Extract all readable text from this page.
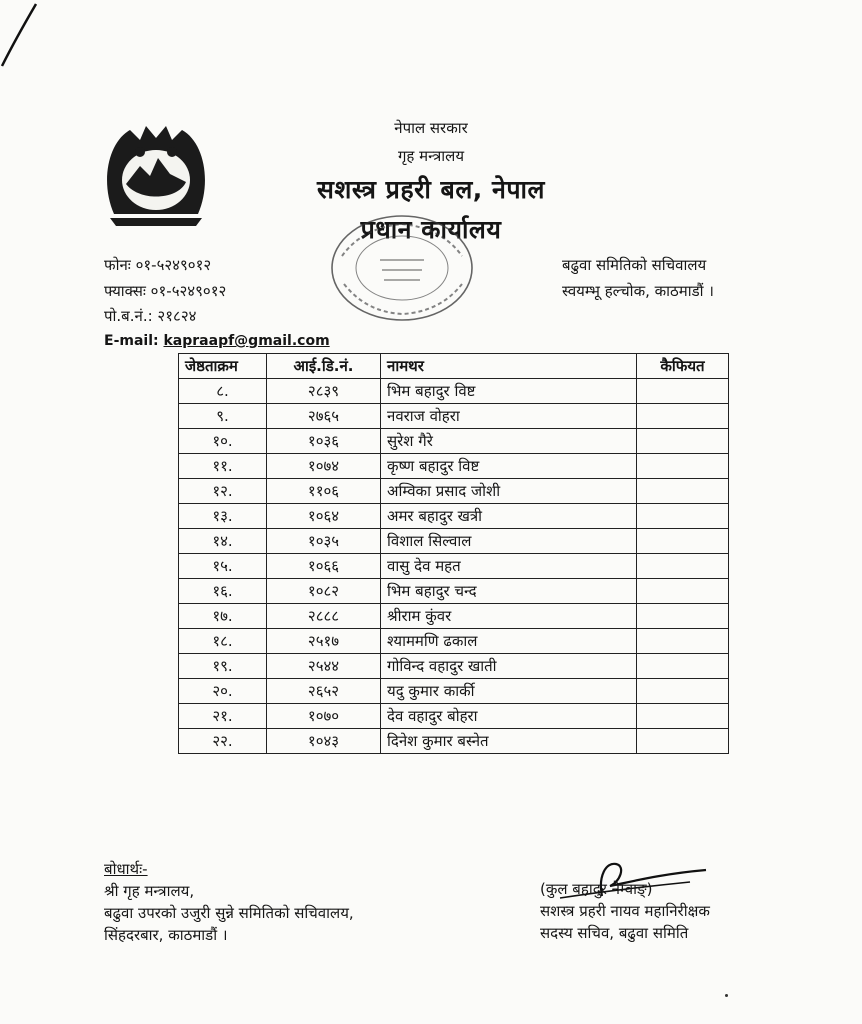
नेपाल सरकार
गृह मन्त्रालय
सशस्त्र प्रहरी बल, नेपाल
प्रधान कार्यालय
फोनः ०१-५२४९०१२
फ्याक्सः ०१-५२४९०१२
पो.ब.नं.: २१८२४
E-mail: kapraapf@gmail.com
बढुवा समितिको सचिवालय
स्वयम्भू हल्चोक, काठमाडौं ।
जेष्ठताक्रम	आई.डि.नं.	नामथर	कैफियत
८.	२८३९	भिम बहादुर विष्ट	
९.	२७६५	नवराज वोहरा	
१०.	१०३६	सुरेश गैरे	
११.	१०७४	कृष्ण बहादुर विष्ट	
१२.	११०६	अम्विका प्रसाद जोशी	
१३.	१०६४	अमर बहादुर खत्री	
१४.	१०३५	विशाल सिल्वाल	
१५.	१०६६	वासु देव महत	
१६.	१०८२	भिम बहादुर चन्द	
१७.	२८८८	श्रीराम कुंवर	
१८.	२५१७	श्याममणि ढकाल	
१९.	२५४४	गोविन्द वहादुर खाती	
२०.	२६५२	यदु कुमार कार्की	
२१.	१०७०	देव वहादुर बोहरा	
२२.	१०४३	दिनेश कुमार बस्नेत	
बोधार्थः-
श्री गृह मन्त्रालय,
बढुवा उपरको उजुरी सुन्ने समितिको सचिवालय,
सिंहदरबार, काठमाडौं ।
(कुल बहादुर नेम्वाङ्)
सशस्त्र प्रहरी नायव महानिरीक्षक
सदस्य सचिव, बढुवा समिति
